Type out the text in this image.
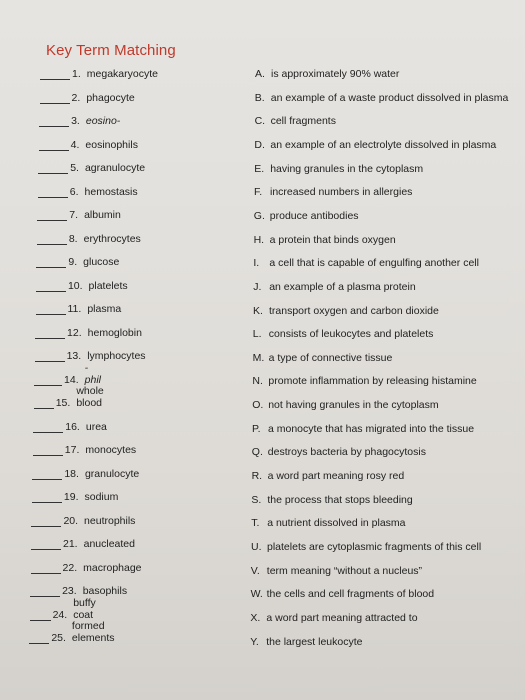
Key Term Matching
1. megakaryocyte
2. phagocyte
3. eosino-
4. eosinophils
5. agranulocyte
6. hemostasis
7. albumin
8. erythrocytes
9. glucose
10. platelets
11. plasma
12. hemoglobin
13. lymphocytes
14.
-phil
15.
whole blood
16. urea
17. monocytes
18. granulocyte
19. sodium
20. neutrophils
21. anucleated
22. macrophage
23. basophils
24.
buffy coat
25.
formed elements
A. is approximately 90% water
B. an example of a waste product dissolved in plasma
C. cell fragments
D. an example of an electrolyte dissolved in plasma
E. having granules in the cytoplasm
F. increased numbers in allergies
G. produce antibodies
H. a protein that binds oxygen
I. a cell that is capable of engulfing another cell
J. an example of a plasma protein
K. transport oxygen and carbon dioxide
L. consists of leukocytes and platelets
M. a type of connective tissue
N. promote inflammation by releasing histamine
O. not having granules in the cytoplasm
P. a monocyte that has migrated into the tissue
Q. destroys bacteria by phagocytosis
R. a word part meaning rosy red
S. the process that stops bleeding
T. a nutrient dissolved in plasma
U. platelets are cytoplasmic fragments of this cell
V. term meaning “without a nucleus”
W. the cells and cell fragments of blood
X. a word part meaning attracted to
Y. the largest leukocyte
